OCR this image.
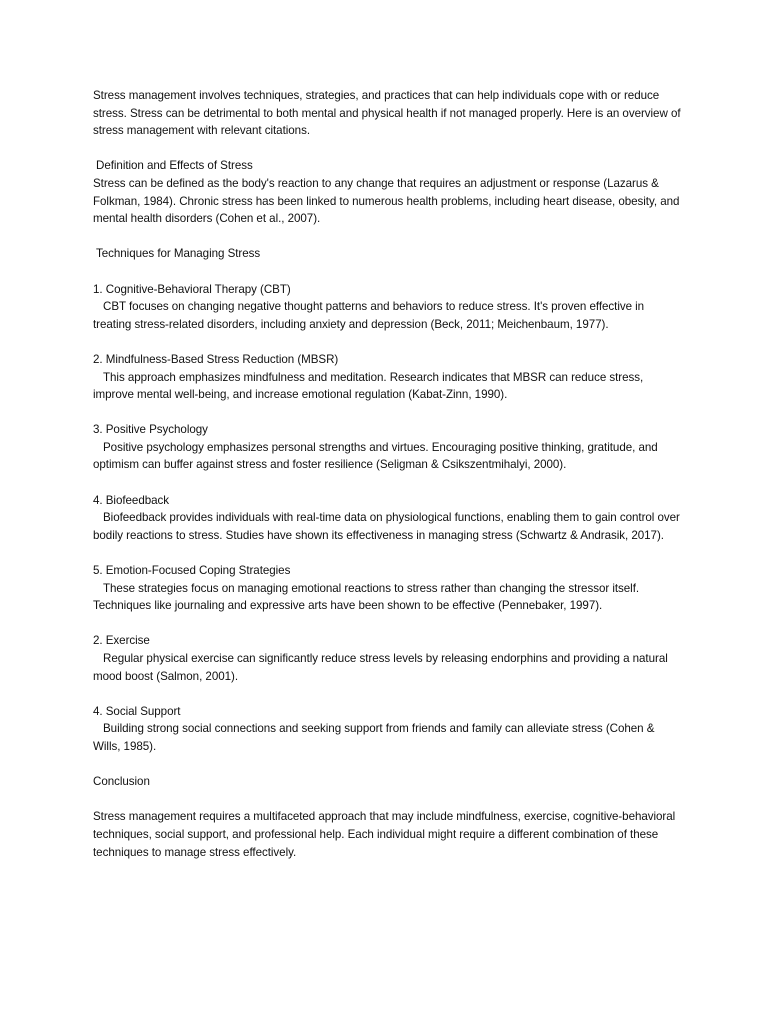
Stress management involves techniques, strategies, and practices that can help individuals cope with or reduce stress. Stress can be detrimental to both mental and physical health if not managed properly. Here is an overview of stress management with relevant citations.

Definition and Effects of Stress

Stress can be defined as the body's reaction to any change that requires an adjustment or response (Lazarus & Folkman, 1984). Chronic stress has been linked to numerous health problems, including heart disease, obesity, and mental health disorders (Cohen et al., 2007).

Techniques for Managing Stress

1. Cognitive-Behavioral Therapy (CBT)

CBT focuses on changing negative thought patterns and behaviors to reduce stress. It's proven effective in treating stress-related disorders, including anxiety and depression (Beck, 2011; Meichenbaum, 1977).

2. Mindfulness-Based Stress Reduction (MBSR)

This approach emphasizes mindfulness and meditation. Research indicates that MBSR can reduce stress, improve mental well-being, and increase emotional regulation (Kabat-Zinn, 1990).

3. Positive Psychology

Positive psychology emphasizes personal strengths and virtues. Encouraging positive thinking, gratitude, and optimism can buffer against stress and foster resilience (Seligman & Csikszentmihalyi, 2000).

4. Biofeedback

Biofeedback provides individuals with real-time data on physiological functions, enabling them to gain control over bodily reactions to stress. Studies have shown its effectiveness in managing stress (Schwartz & Andrasik, 2017).

5. Emotion-Focused Coping Strategies

These strategies focus on managing emotional reactions to stress rather than changing the stressor itself. Techniques like journaling and expressive arts have been shown to be effective (Pennebaker, 1997).

2. Exercise

Regular physical exercise can significantly reduce stress levels by releasing endorphins and providing a natural mood boost (Salmon, 2001).

4. Social Support

Building strong social connections and seeking support from friends and family can alleviate stress (Cohen & Wills, 1985).

Conclusion

Stress management requires a multifaceted approach that may include mindfulness, exercise, cognitive-behavioral techniques, social support, and professional help. Each individual might require a different combination of these techniques to manage stress effectively.
